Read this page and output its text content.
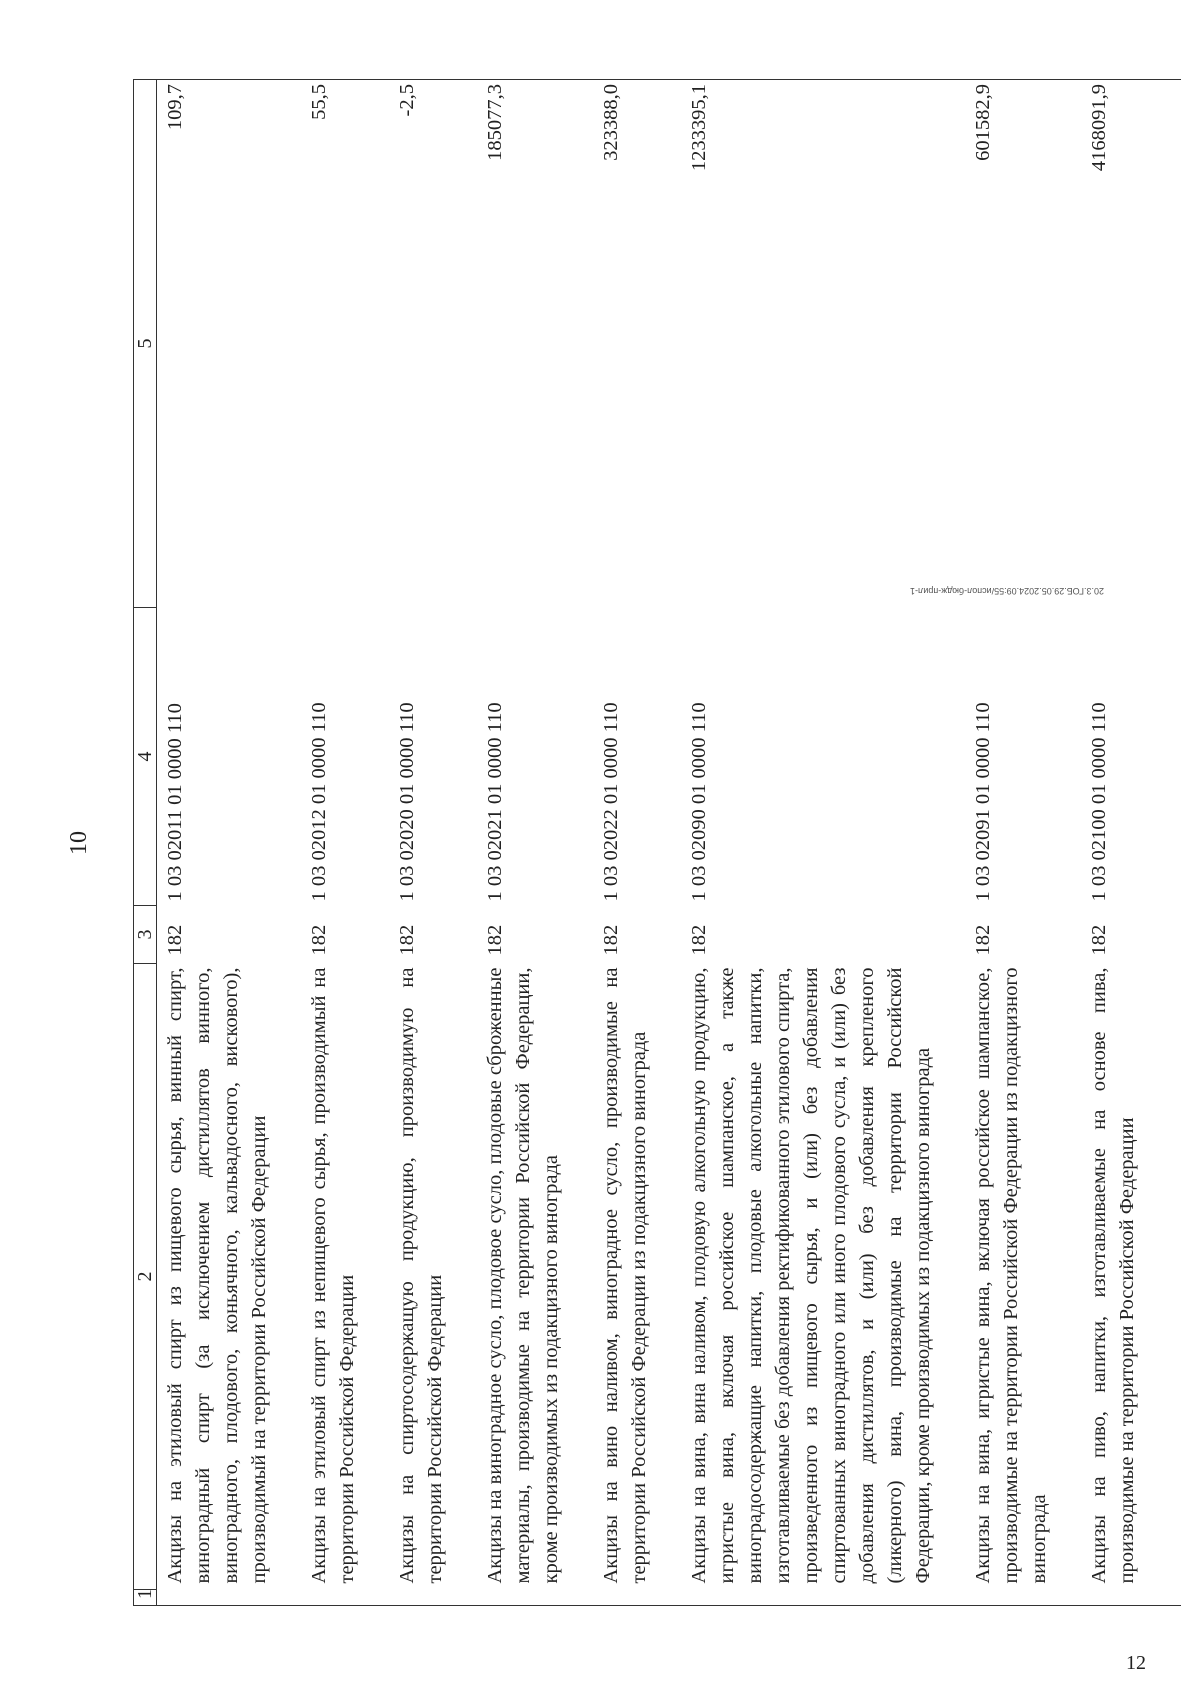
10
1	2	3	4	5
	Акцизы на этиловый спирт из пищевого сырья, винный спирт, виноградный спирт (за исключением дистиллятов винного, виноградного, плодового, коньячного, кальвадосного, вискового), производимый на территории Российской Федерации	182	1 03 02011 01 0000 110	109,7
	Акцизы на этиловый спирт из непищевого сырья, производимый на территории Российской Федерации	182	1 03 02012 01 0000 110	55,5
	Акцизы на спиртосодержащую продукцию, производимую на территории Российской Федерации	182	1 03 02020 01 0000 110	-2,5
	Акцизы на виноградное сусло, плодовое сусло, плодовые сброженные материалы, производимые на территории Российской Федерации, кроме производимых из подакцизного винограда	182	1 03 02021 01 0000 110	185077,3
	Акцизы на вино наливом, виноградное сусло, производимые на территории Российской Федерации из подакцизного винограда	182	1 03 02022 01 0000 110	323388,0
	Акцизы на вина, вина наливом, плодовую алкогольную продукцию, игристые вина, включая российское шампанское, а также виноградосодержащие напитки, плодовые алкогольные напитки, изготавливаемые без добавления ректификованного этилового спирта, произведенного из пищевого сырья, и (или) без добавления спиртованных виноградного или иного плодового сусла, и (или) без добавления дистиллятов, и (или) без добавления крепленого (ликерного) вина, производимые на территории Российской Федерации, кроме производимых из подакцизного винограда	182	1 03 02090 01 0000 110	1233395,1
	Акцизы на вина, игристые вина, включая российское шампанское, производимые на территории Российской Федерации из подакцизного винограда	182	1 03 02091 01 0000 110	601582,9
	Акцизы на пиво, напитки, изготавливаемые на основе пива, производимые на территории Российской Федерации	182	1 03 02100 01 0000 110	4168091,9
20.3.ГОБ.29.05.2024.09:55/испол-бюдж-прил-1
12
